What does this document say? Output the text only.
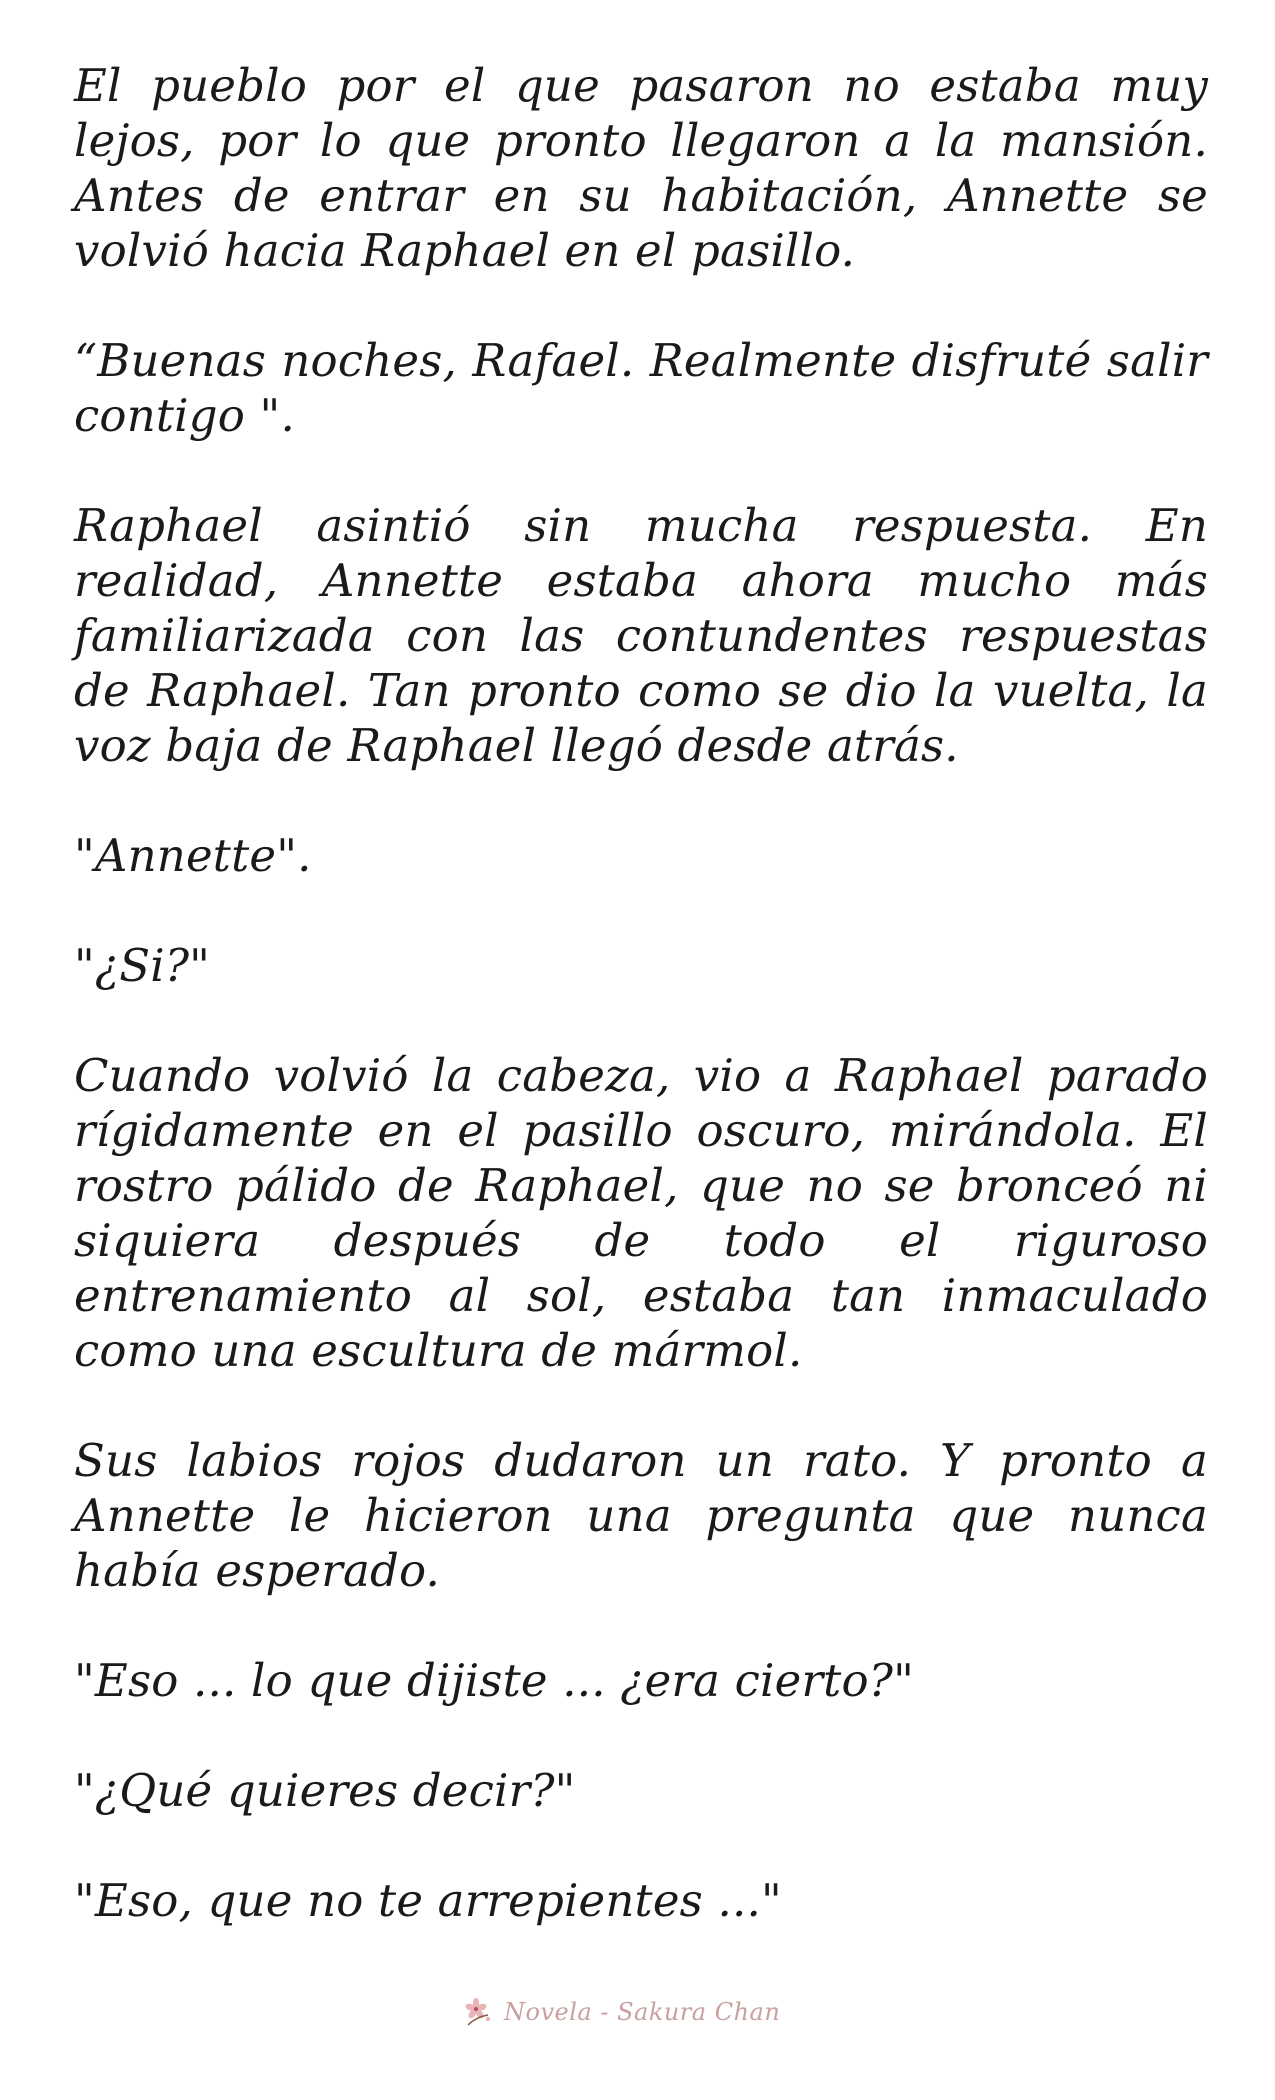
El pueblo por el que pasaron no estaba muy lejos, por lo que pronto llegaron a la mansión. Antes de entrar en su habitación, Annette se volvió hacia Raphael en el pasillo.

“Buenas noches, Rafael. Realmente disfruté salir contigo ".

Raphael asintió sin mucha respuesta. En realidad, Annette estaba ahora mucho más familiarizada con las contundentes respuestas de Raphael. Tan pronto como se dio la vuelta, la voz baja de Raphael llegó desde atrás.

"Annette".

"¿Si?"

Cuando volvió la cabeza, vio a Raphael parado rígidamente en el pasillo oscuro, mirándola. El rostro pálido de Raphael, que no se bronceó ni siquiera después de todo el riguroso entrenamiento al sol, estaba tan inmaculado como una escultura de mármol.

Sus labios rojos dudaron un rato. Y pronto a Annette le hicieron una pregunta que nunca había esperado.

"Eso ... lo que dijiste ... ¿era cierto?"

"¿Qué quieres decir?"

"Eso, que no te arrepientes ..."

Novela - Sakura Chan
